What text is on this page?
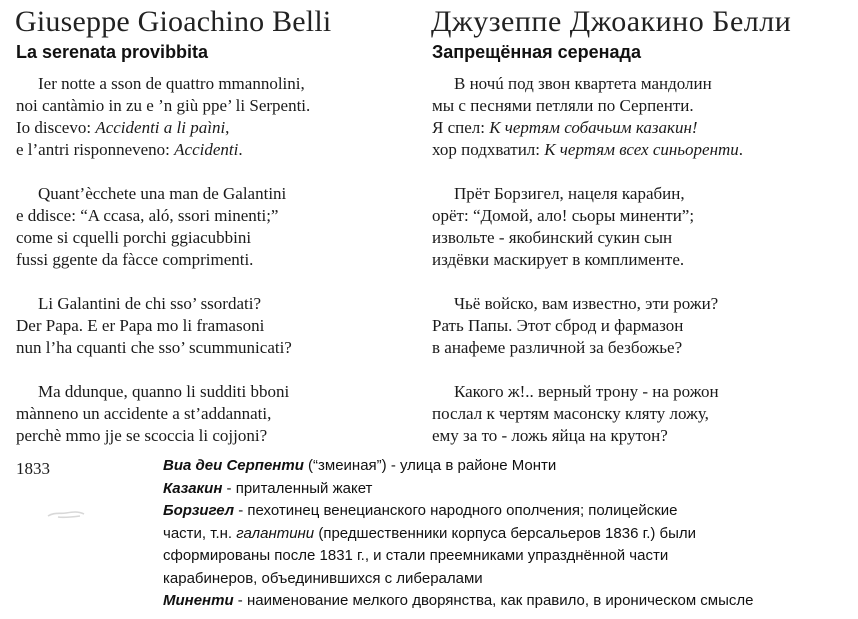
Giuseppe Gioachino Belli
La serenata provibbita
Ier notte a sson de quattro mmannolini,
noi cantàmio in zu e ’n giù ppe’ li Serpenti.
Io discevo: Accidenti a li paìni,
e l’antri risponneveno: Accidenti.
Quant’ècchete una man de Galantini
e ddisce: “A ccasa, aló, ssori minenti;”
come si cquelli porchi ggiacubbini
fussi ggente da fàcce comprimenti.
Li Galantini de chi sso’ ssordati?
Der Papa. E er Papa mo li framasoni
nun l’ha cquanti che sso’ scummunicati?
Ma ddunque, quanno li sudditi bboni
mànneno un accidente a st’addannati,
perchè mmo jje se scoccia li cojjoni?
Джузеппе Джоакино Белли
Запрещённая серенада
В ночú под звон квартета мандолин
мы с песнями петляли по Серпенти.
Я спел: К чертям собачьим казакин!
хор подхватил: К чертям всех синьоренти.
Прёт Борзигел, нацеля карабин,
орёт: “Домой, ало! сьоры миненти”;
извольте - якобинский сукин сын
издёвки маскирует в комплименте.
Чьё войско, вам известно, эти рожи?
Рать Папы. Этот сброд и фармазон
в анафеме различной за безбожье?
Какого ж!.. верный трону - на рожон
послал к чертям масонску кляту ложу,
ему за то - ложь яйца на крутон?
1833	Виа деи Серпенти (“змеиная”) - улица в районе Монти
Казакин - приталенный жакет
Борзигел - пехотинец венецианского народного ополчения; полицейские
части, т.н. галантини (предшественники корпуса берсальеров 1836 г.) были
сформированы после 1831 г., и стали преемниками упразднённой части
карабинеров, объединившихся с либералами
Миненти - наименование мелкого дворянства, как правило, в ироническом смысле
